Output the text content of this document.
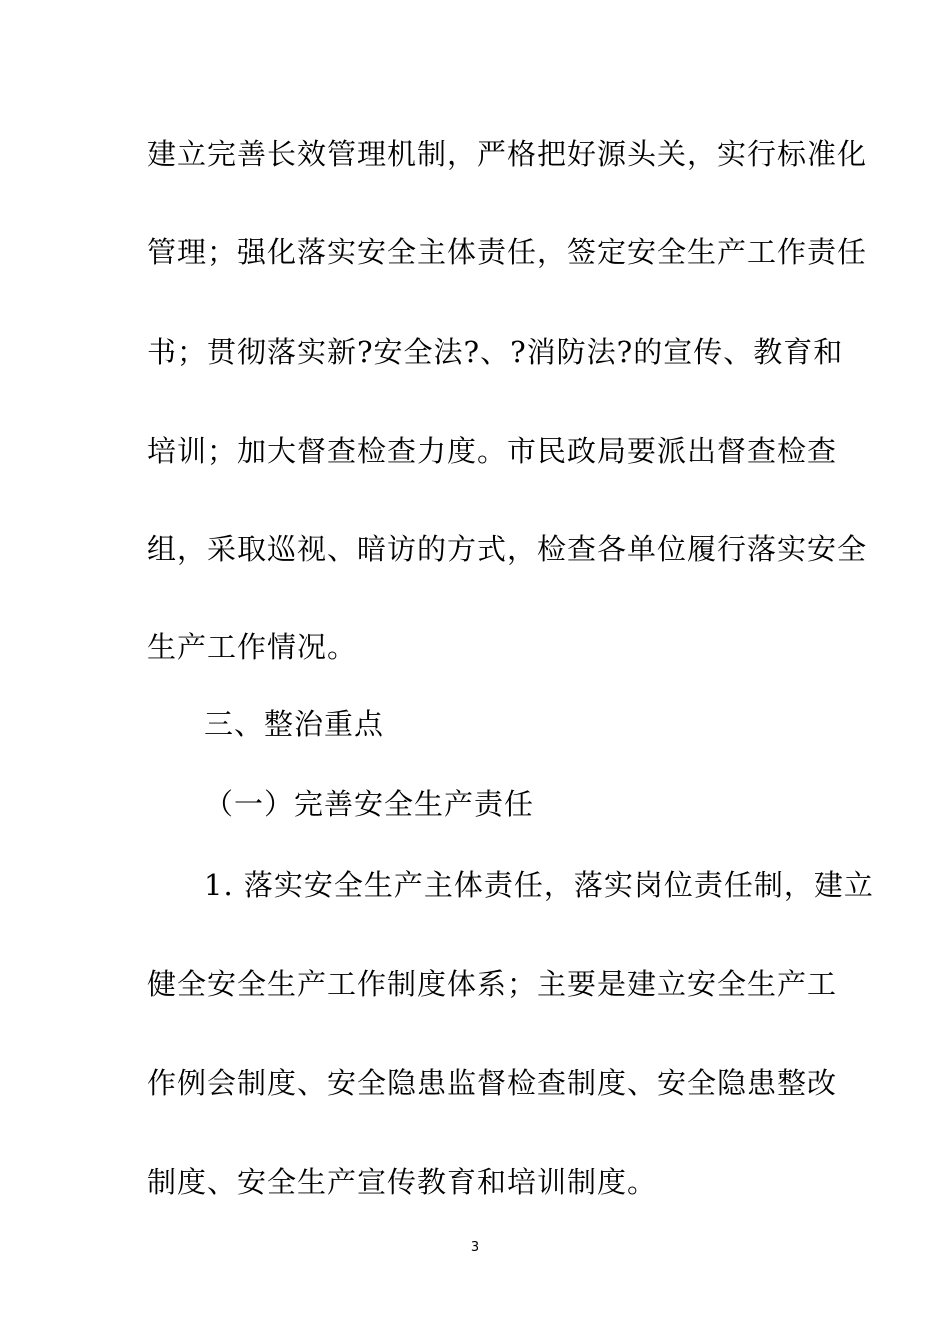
建立完善长效管理机制，严格把好源头关，实行标准化
管理；强化落实安全主体责任，签定安全生产工作责任
书；贯彻落实新?安全法?、?消防法?的宣传、教育和
培训；加大督查检查力度。市民政局要派出督查检查
组，采取巡视、暗访的方式，检查各单位履行落实安全
生产工作情况。
三、整治重点
（一）完善安全生产责任
1. 落实安全生产主体责任，落实岗位责任制，建立
健全安全生产工作制度体系；主要是建立安全生产工
作例会制度、安全隐患监督检查制度、安全隐患整改
制度、安全生产宣传教育和培训制度。
3
